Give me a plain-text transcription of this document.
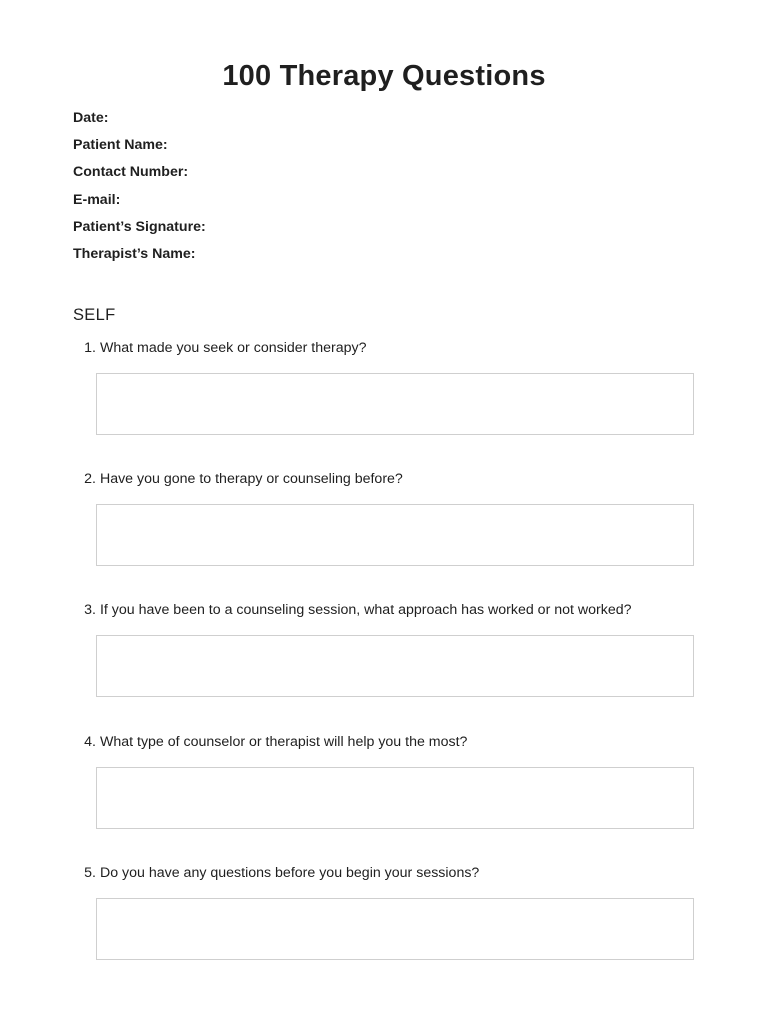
100 Therapy Questions
Date:
Patient Name:
Contact Number:
E-mail:
Patient’s Signature:
Therapist’s Name:
SELF
1. What made you seek or consider therapy?
2. Have you gone to therapy or counseling before?
3. If you have been to a counseling session, what approach has worked or not worked?
4. What type of counselor or therapist will help you the most?
5. Do you have any questions before you begin your sessions?
